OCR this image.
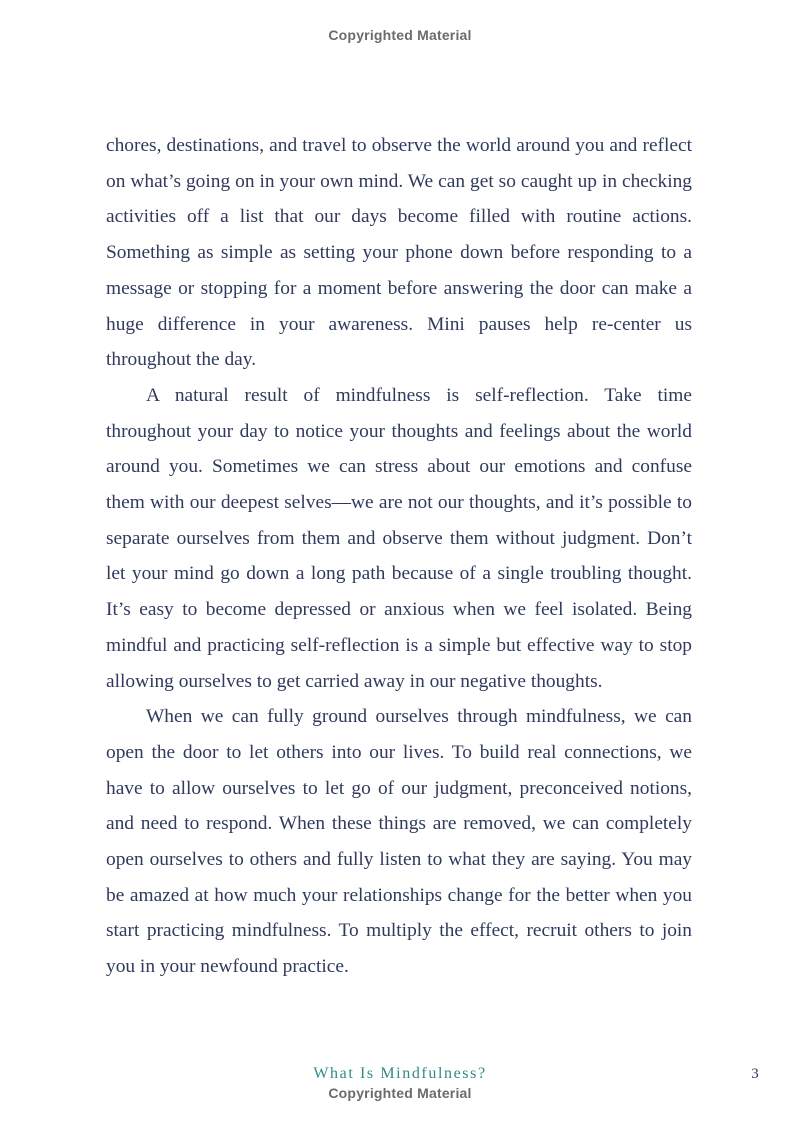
Copyrighted Material

chores, destinations, and travel to observe the world around you and reflect on what’s going on in your own mind. We can get so caught up in checking activities off a list that our days become filled with routine actions. Something as simple as setting your phone down before responding to a message or stopping for a moment before answering the door can make a huge difference in your awareness. Mini pauses help re-center us throughout the day.

A natural result of mindfulness is self-reflection. Take time throughout your day to notice your thoughts and feelings about the world around you. Sometimes we can stress about our emotions and confuse them with our deepest selves—we are not our thoughts, and it’s possible to separate ourselves from them and observe them without judgment. Don’t let your mind go down a long path because of a single troubling thought. It’s easy to become depressed or anxious when we feel isolated. Being mindful and practicing self-reflection is a simple but effective way to stop allowing ourselves to get carried away in our negative thoughts.

When we can fully ground ourselves through mindfulness, we can open the door to let others into our lives. To build real connections, we have to allow ourselves to let go of our judgment, preconceived notions, and need to respond. When these things are removed, we can completely open ourselves to others and fully listen to what they are saying. You may be amazed at how much your relationships change for the better when you start practicing mindfulness. To multiply the effect, recruit others to join you in your newfound practice.

What Is Mindfulness?	3
Copyrighted Material
